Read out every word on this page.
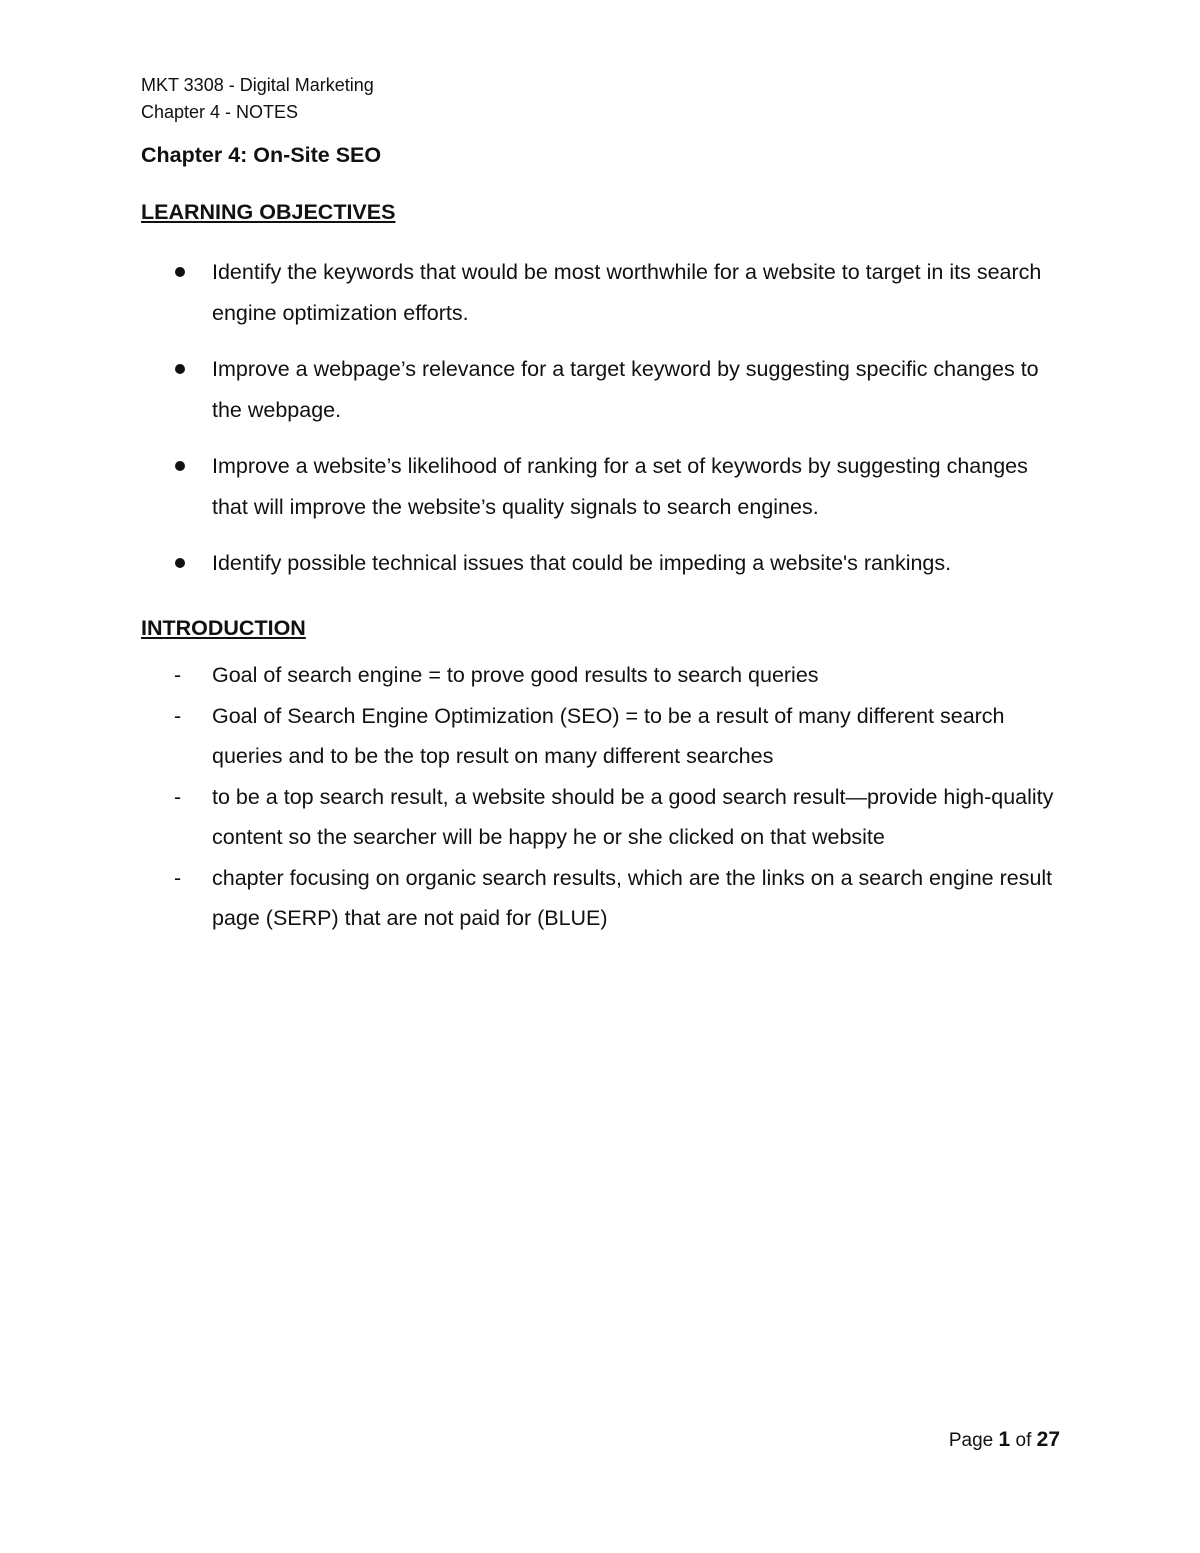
MKT 3308 - Digital Marketing
Chapter 4 - NOTES
Chapter 4: On-Site SEO
LEARNING OBJECTIVES
Identify the keywords that would be most worthwhile for a website to target in its search engine optimization efforts.
Improve a webpage’s relevance for a target keyword by suggesting specific changes to the webpage.
Improve a website’s likelihood of ranking for a set of keywords by suggesting changes that will improve the website’s quality signals to search engines.
Identify possible technical issues that could be impeding a website's rankings.
INTRODUCTION
- Goal of search engine = to prove good results to search queries
- Goal of Search Engine Optimization (SEO) = to be a result of many different search queries and to be the top result on many different searches
- to be a top search result, a website should be a good search result—provide high-quality content so the searcher will be happy he or she clicked on that website
- chapter focusing on organic search results, which are the links on a search engine result page (SERP) that are not paid for (BLUE)
Page 1 of 27
